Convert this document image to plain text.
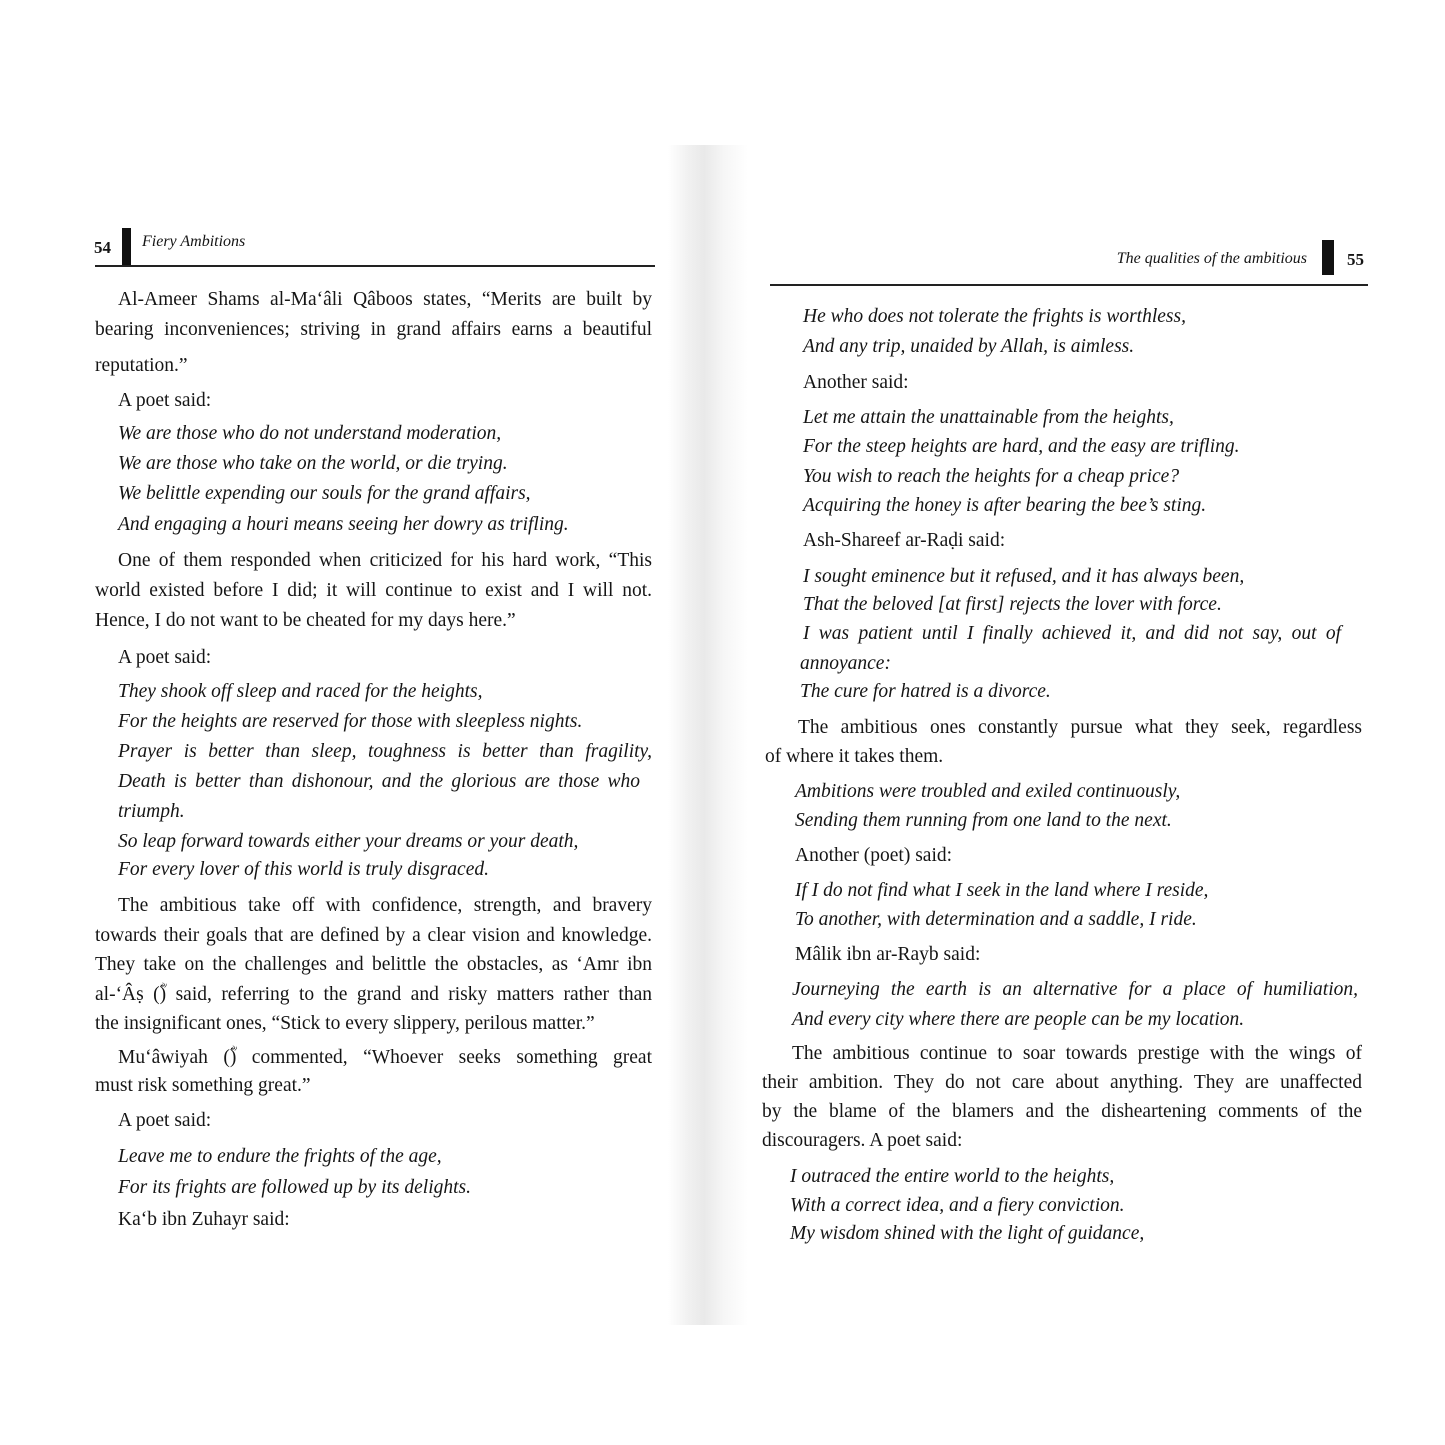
54 Fiery Ambitions
Al-Ameer Shams al-Ma‘âli Qâboos states, “Merits are built by
bearing inconveniences; striving in grand affairs earns a beautiful
reputation.”
A poet said:
We are those who do not understand moderation,
We are those who take on the world, or die trying.
We belittle expending our souls for the grand affairs,
And engaging a houri means seeing her dowry as trifling.
One of them responded when criticized for his hard work, “This
world existed before I did; it will continue to exist and I will not.
Hence, I do not want to be cheated for my days here.”
A poet said:
They shook off sleep and raced for the heights,
For the heights are reserved for those with sleepless nights.
Prayer is better than sleep, toughness is better than fragility,
Death is better than dishonour, and the glorious are those who
triumph.
So leap forward towards either your dreams or your death,
For every lover of this world is truly disgraced.
The ambitious take off with confidence, strength, and bravery
towards their goals that are defined by a clear vision and knowledge.
They take on the challenges and belittle the obstacles, as ‘Amr ibn
al-‘Âṣ (ؓ) said, referring to the grand and risky matters rather than
the insignificant ones, “Stick to every slippery, perilous matter.”
Mu‘âwiyah (ؓ) commented, “Whoever seeks something great
must risk something great.”
A poet said:
Leave me to endure the frights of the age,
For its frights are followed up by its delights.
Ka‘b ibn Zuhayr said:
The qualities of the ambitious 55
He who does not tolerate the frights is worthless,
And any trip, unaided by Allah, is aimless.
Another said:
Let me attain the unattainable from the heights,
For the steep heights are hard, and the easy are trifling.
You wish to reach the heights for a cheap price?
Acquiring the honey is after bearing the bee’s sting.
Ash-Shareef ar-Raḍi said:
I sought eminence but it refused, and it has always been,
That the beloved [at first] rejects the lover with force.
I was patient until I finally achieved it, and did not say, out of
annoyance:
The cure for hatred is a divorce.
The ambitious ones constantly pursue what they seek, regardless
of where it takes them.
Ambitions were troubled and exiled continuously,
Sending them running from one land to the next.
Another (poet) said:
If I do not find what I seek in the land where I reside,
To another, with determination and a saddle, I ride.
Mâlik ibn ar-Rayb said:
Journeying the earth is an alternative for a place of humiliation,
And every city where there are people can be my location.
The ambitious continue to soar towards prestige with the wings of
their ambition. They do not care about anything. They are unaffected
by the blame of the blamers and the disheartening comments of the
discouragers. A poet said:
I outraced the entire world to the heights,
With a correct idea, and a fiery conviction.
My wisdom shined with the light of guidance,
